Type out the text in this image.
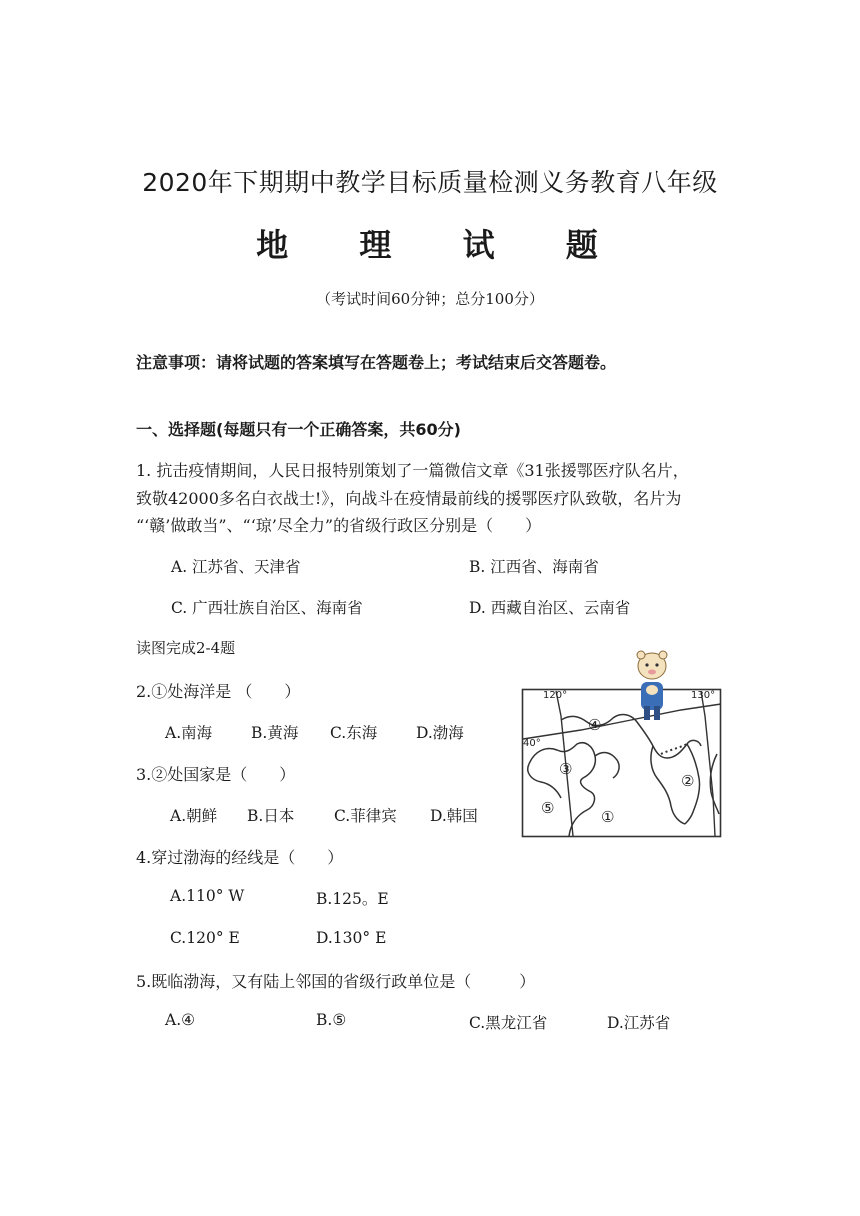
2020年下期期中教学目标质量检测义务教育八年级
地 理 试 题
（考试时间60分钟；总分100分）
注意事项：请将试题的答案填写在答题卷上；考试结束后交答题卷。
一、选择题(每题只有一个正确答案，共60分)
1. 抗击疫情期间，人民日报特别策划了一篇微信文章《31张援鄂医疗队名片，
致敬42000多名白衣战士!》，向战斗在疫情最前线的援鄂医疗队致敬，名片为
“‘赣’做敢当”、“‘琼’尽全力”的省级行政区分别是（　　）
A. 江苏省、天津省	B. 江西省、海南省
C. 广西壮族自治区、海南省	D. 西藏自治区、云南省
读图完成2-4题
2.①处海洋是 （　　）
A.南海	B.黄海 C.东海	D.渤海
3.②处国家是（　　）
A.朝鲜 B.日本	C.菲律宾 D.韩国
4.穿过渤海的经线是（　　）
A.110° W	B.125。E
C.120° E	D.130° E
5.既临渤海，又有陆上邻国的省级行政单位是（　　　）
A.④	B.⑤	C.黑龙江省	D.江苏省
④
③
⑤	①
②
120°	130°
40°
